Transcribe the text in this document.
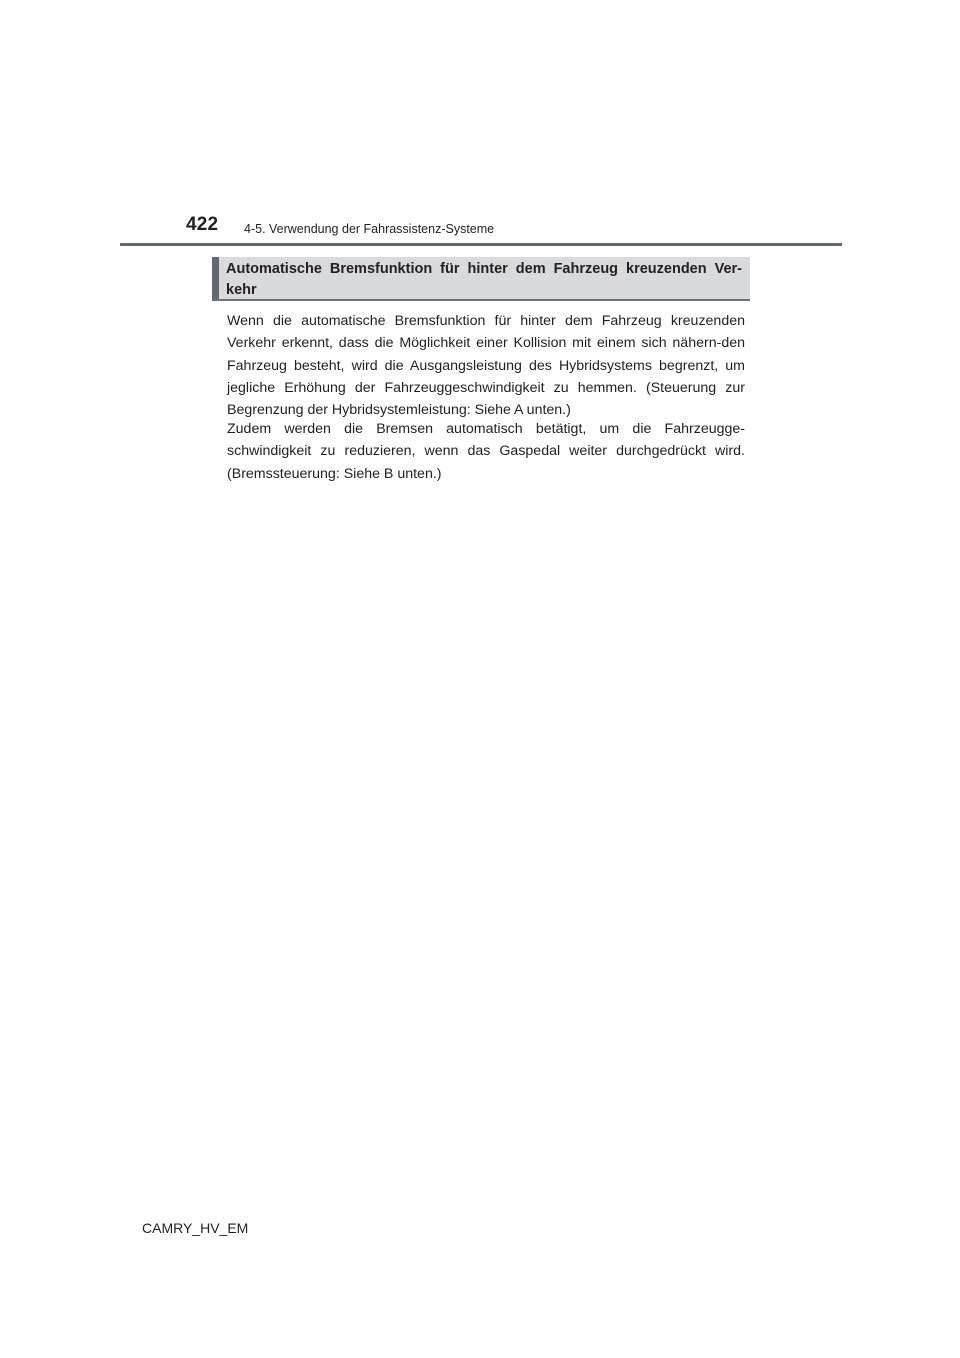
422 4-5. Verwendung der Fahrassistenz-Systeme
Automatische Bremsfunktion für hinter dem Fahrzeug kreuzenden Ver-kehr

Wenn die automatische Bremsfunktion für hinter dem Fahrzeug kreuzenden Verkehr erkennt, dass die Möglichkeit einer Kollision mit einem sich nähern-den Fahrzeug besteht, wird die Ausgangsleistung des Hybridsystems begrenzt, um jegliche Erhöhung der Fahrzeuggeschwindigkeit zu hemmen. (Steuerung zur Begrenzung der Hybridsystemleistung: Siehe A unten.)

Zudem werden die Bremsen automatisch betätigt, um die Fahrzeugge-schwindigkeit zu reduzieren, wenn das Gaspedal weiter durchgedrückt wird. (Bremssteuerung: Siehe B unten.)

CAMRY_HV_EM
